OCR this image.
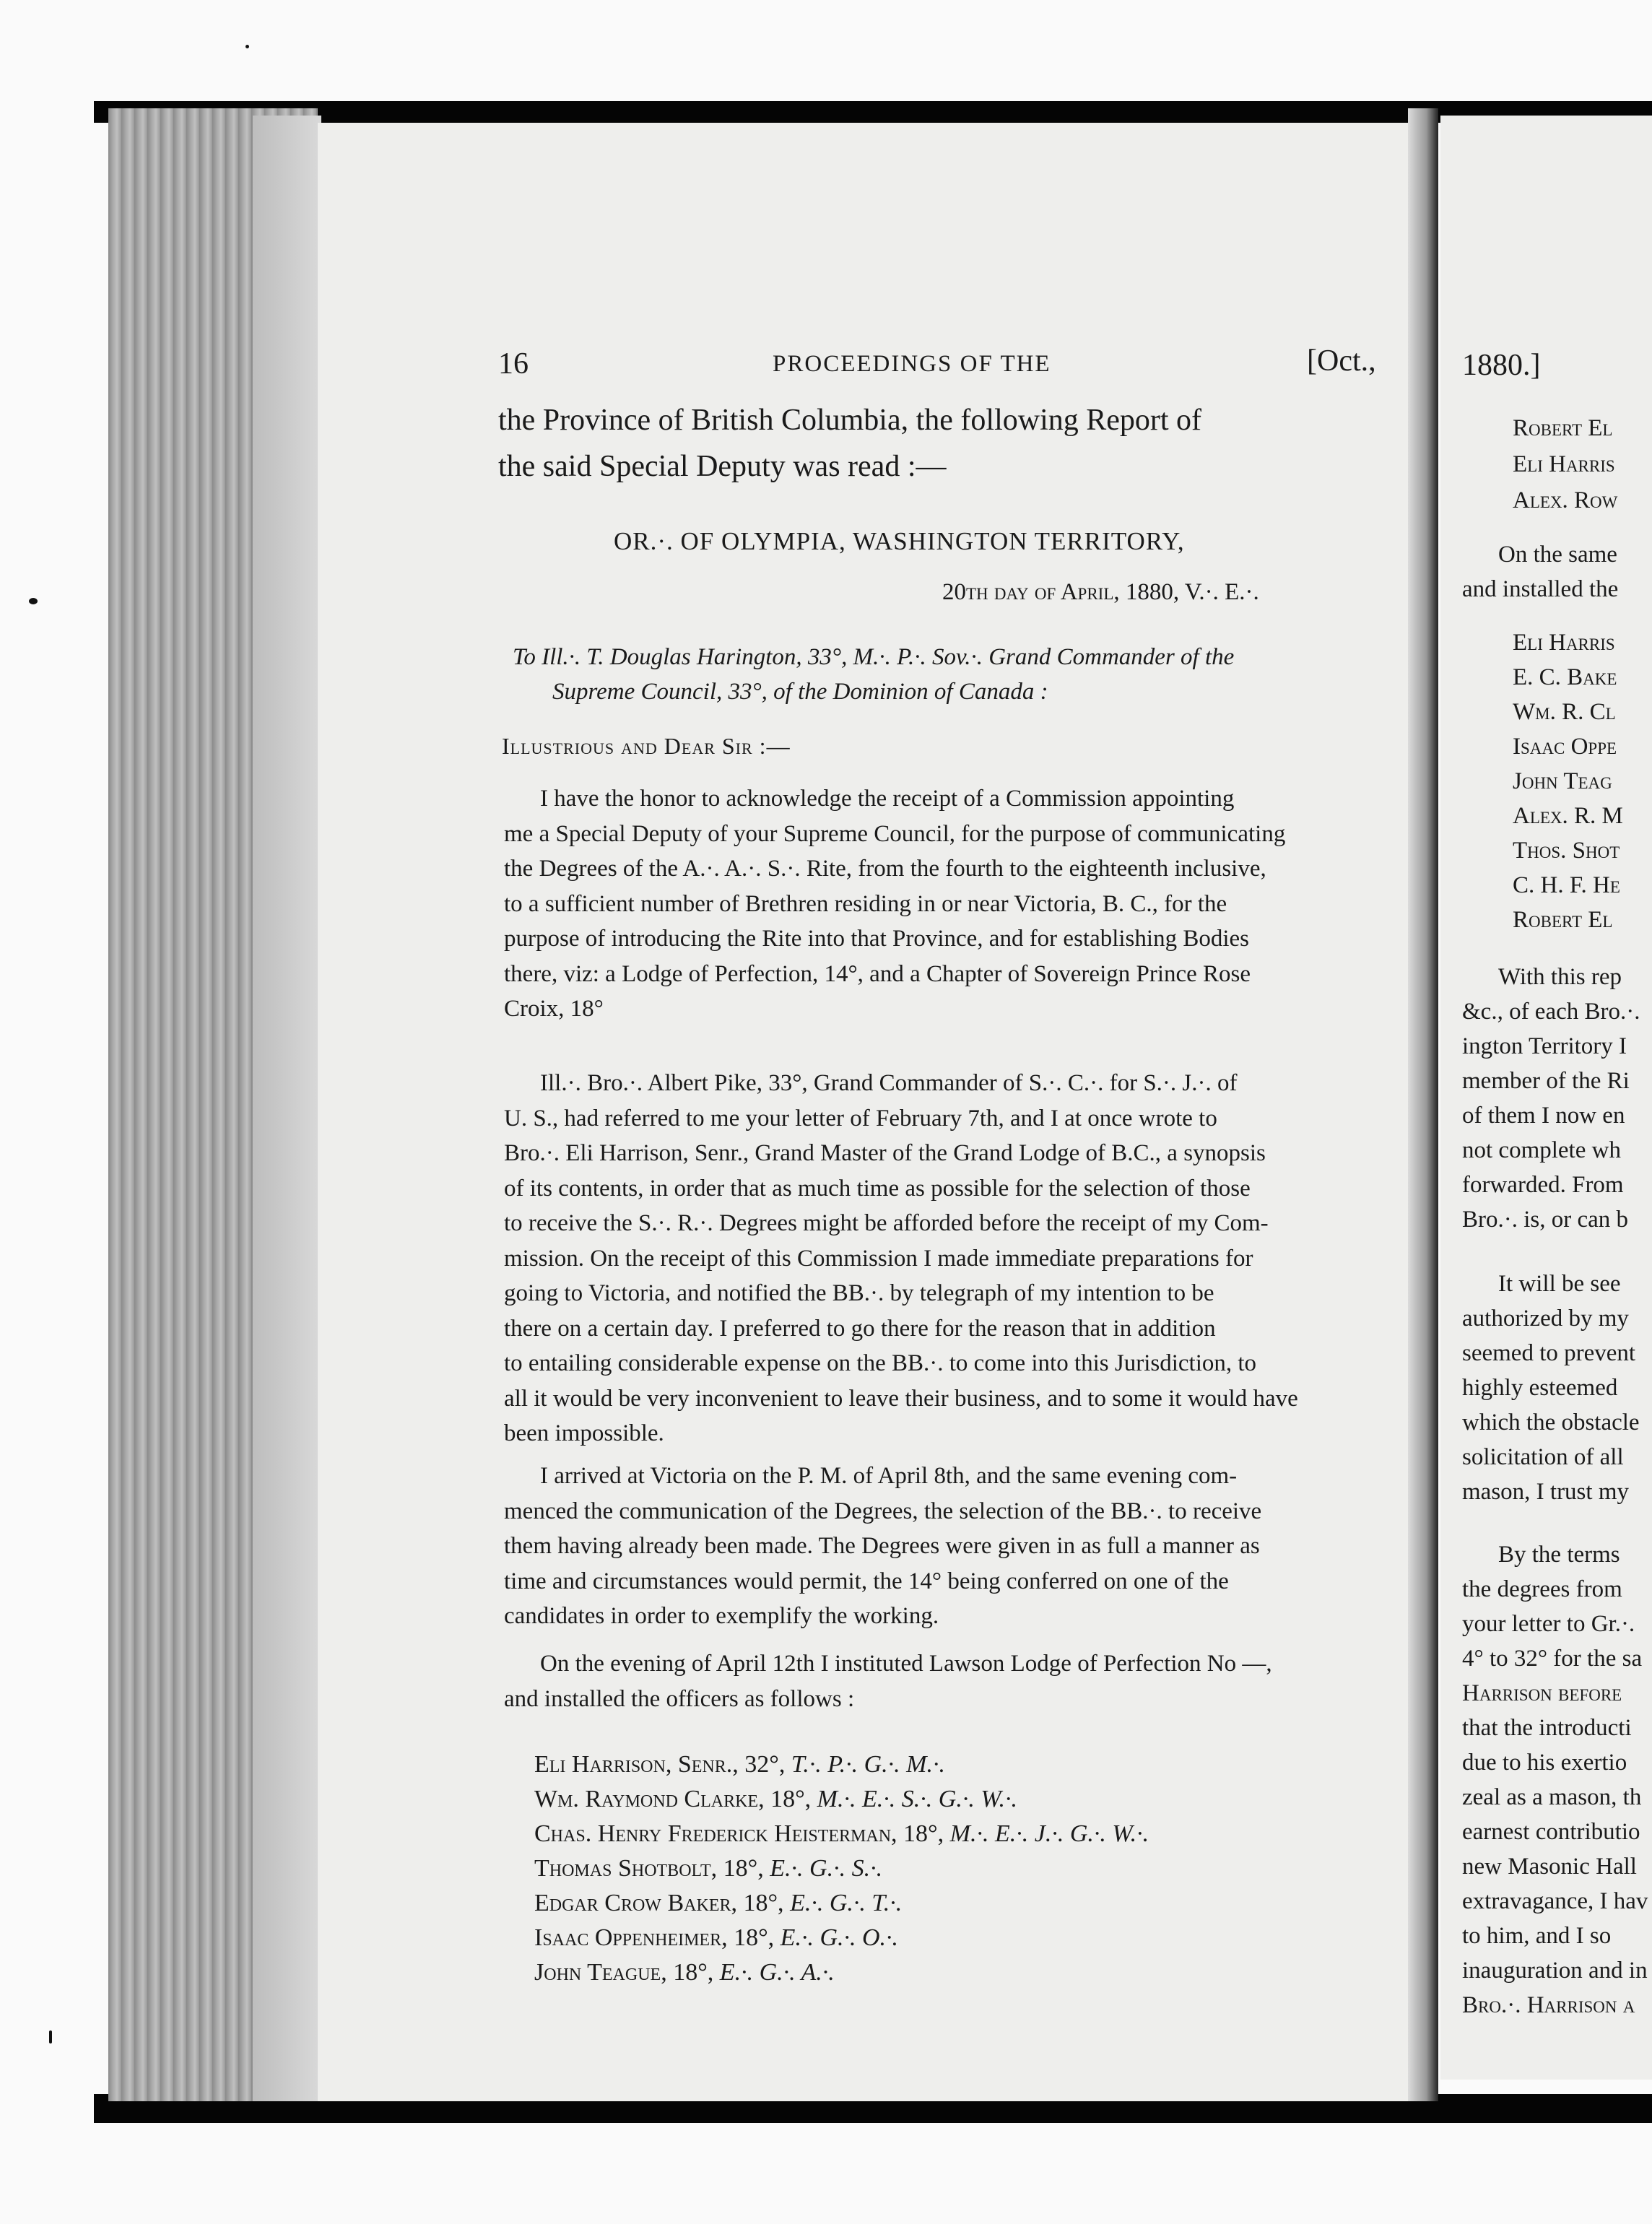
16	PROCEEDINGS OF THE	[Oct.,
the Province of British Columbia, the following Report of
the said Special Deputy was read :—
OR.·. OF OLYMPIA, WASHINGTON TERRITORY,
20th day of April, 1880, V.·. E.·.
To Ill.·. T. Douglas Harington, 33°, M.·. P.·. Sov.·. Grand Commander of the
Supreme Council, 33°, of the Dominion of Canada :
Illustrious and Dear Sir :—
I have the honor to acknowledge the receipt of a Commission appointing
me a Special Deputy of your Supreme Council, for the purpose of communicating
the Degrees of the A.·. A.·. S.·. Rite, from the fourth to the eighteenth inclusive,
to a sufficient number of Brethren residing in or near Victoria, B. C., for the
purpose of introducing the Rite into that Province, and for establishing Bodies
there, viz: a Lodge of Perfection, 14°, and a Chapter of Sovereign Prince Rose
Croix, 18°
Ill.·. Bro.·. Albert Pike, 33°, Grand Commander of S.·. C.·. for S.·. J.·. of
U. S., had referred to me your letter of February 7th, and I at once wrote to
Bro.·. Eli Harrison, Senr., Grand Master of the Grand Lodge of B.C., a synopsis
of its contents, in order that as much time as possible for the selection of those
to receive the S.·. R.·. Degrees might be afforded before the receipt of my Com-
mission. On the receipt of this Commission I made immediate preparations for
going to Victoria, and notified the BB.·. by telegraph of my intention to be
there on a certain day. I preferred to go there for the reason that in addition
to entailing considerable expense on the BB.·. to come into this Jurisdiction, to
all it would be very inconvenient to leave their business, and to some it would have
been impossible.
I arrived at Victoria on the P. M. of April 8th, and the same evening com-
menced the communication of the Degrees, the selection of the BB.·. to receive
them having already been made. The Degrees were given in as full a manner as
time and circumstances would permit, the 14° being conferred on one of the
candidates in order to exemplify the working.
On the evening of April 12th I instituted Lawson Lodge of Perfection No —,
and installed the officers as follows :
Eli Harrison, Senr., 32°, T.·. P.·. G.·. M.·.
Wm. Raymond Clarke, 18°, M.·. E.·. S.·. G.·. W.·.
Chas. Henry Frederick Heisterman, 18°, M.·. E.·. J.·. G.·. W.·.
Thomas Shotbolt, 18°, E.·. G.·. S.·.
Edgar Crow Baker, 18°, E.·. G.·. T.·.
Isaac Oppenheimer, 18°, E.·. G.·. O.·.
John Teague, 18°, E.·. G.·. A.·.
1880.]
Robert El
Eli Harris
Alex. Row
On the same
and installed the
Eli Harris
E. C. Bake
Wm. R. Cl
Isaac Oppe
John Teag
Alex. R. M
Thos. Shot
C. H. F. He
Robert El
With this rep
&c., of each Bro.·.
ington Territory I
member of the Ri
of them I now en
not complete wh
forwarded. From
Bro.·. is, or can b
It will be see
authorized by my
seemed to prevent
highly esteemed
which the obstacle
solicitation of all
mason, I trust my
By the terms
the degrees from
your letter to Gr.·.
4° to 32° for the sa
Harrison before
that the introducti
due to his exertio
zeal as a mason, th
earnest contributio
new Masonic Hall
extravagance, I hav
to him, and I so
inauguration and in
Bro.·. Harrison a
